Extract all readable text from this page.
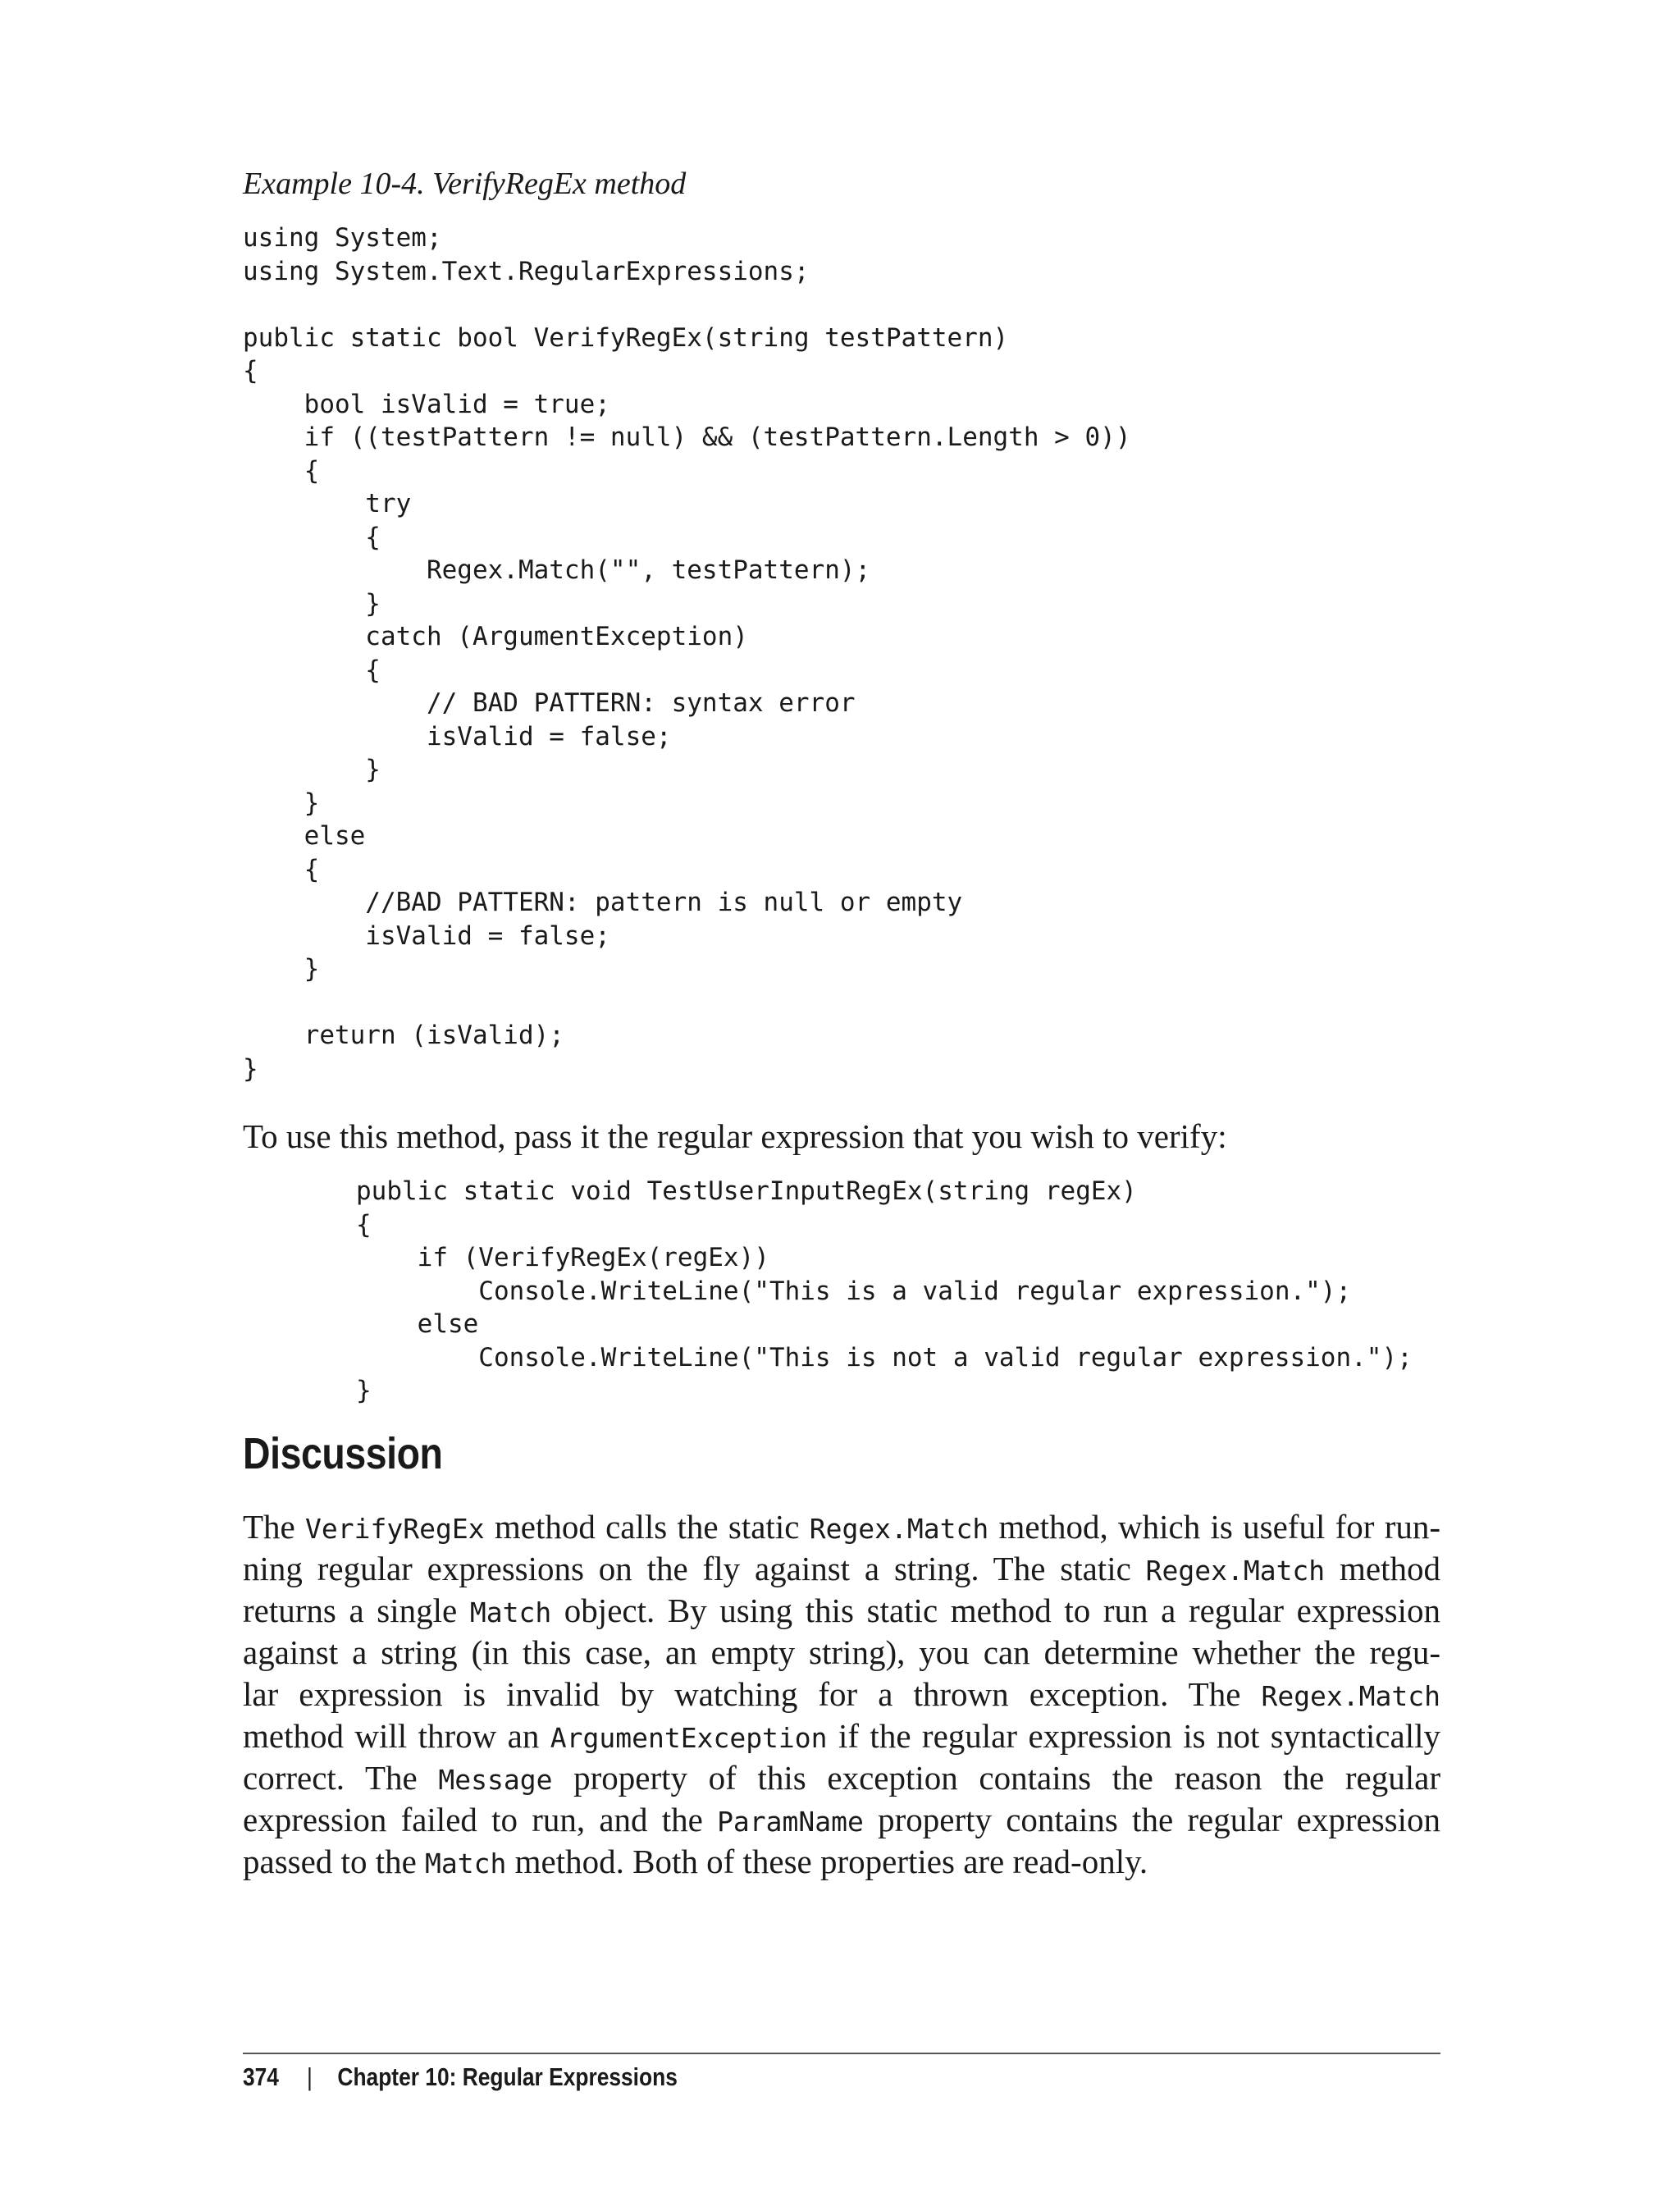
Example 10-4. VerifyRegEx method

using System;
using System.Text.RegularExpressions;

public static bool VerifyRegEx(string testPattern)
{
bool isValid = true;
if ((testPattern != null) && (testPattern.Length > 0))
{
try
{
Regex.Match("", testPattern);
}
catch (ArgumentException)
{
// BAD PATTERN: syntax error
isValid = false;
}
}
else
{
//BAD PATTERN: pattern is null or empty
isValid = false;
}

return (isValid);
}

To use this method, pass it the regular expression that you wish to verify:

public static void TestUserInputRegEx(string regEx)
{
if (VerifyRegEx(regEx))
Console.WriteLine("This is a valid regular expression.");
else
Console.WriteLine("This is not a valid regular expression.");
}
Discussion
The VerifyRegEx method calls the static Regex.Match method, which is useful for run-
ning regular expressions on the fly against a string. The static Regex.Match method
returns a single Match object. By using this static method to run a regular expression
against a string (in this case, an empty string), you can determine whether the regu-
lar expression is invalid by watching for a thrown exception. The Regex.Match
method will throw an ArgumentException if the regular expression is not syntactically
correct. The Message property of this exception contains the reason the regular
expression failed to run, and the ParamName property contains the regular expression
passed to the Match method. Both of these properties are read-only.
374 | Chapter 10: Regular Expressions
